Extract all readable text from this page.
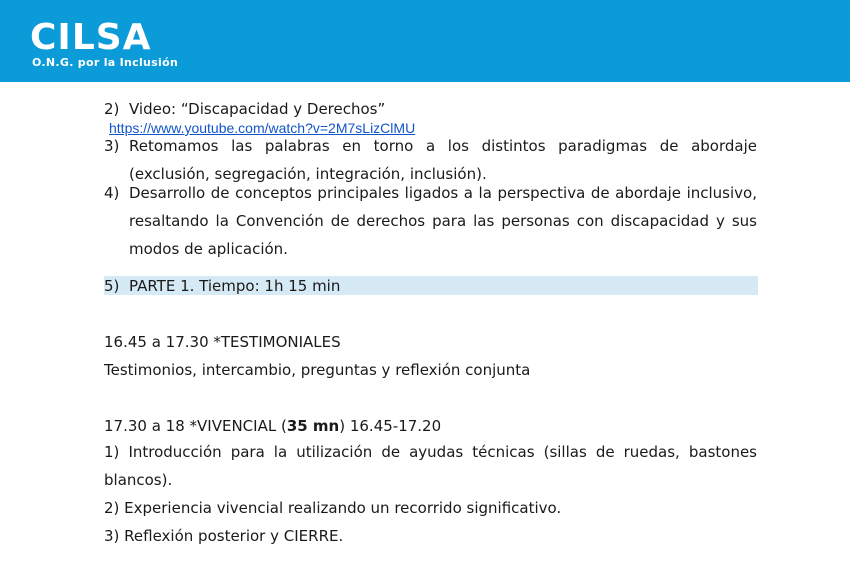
CILSA
O.N.G. por la Inclusión
2) Video: “Discapacidad y Derechos”
https://www.youtube.com/watch?v=2M7sLizClMU
3) Retomamos las palabras en torno a los distintos paradigmas de abordaje (exclusión, segregación, integración, inclusión).
4) Desarrollo de conceptos principales ligados a la perspectiva de abordaje inclusivo, resaltando la Convención de derechos para las personas con discapacidad y sus modos de aplicación.
5) PARTE 1. Tiempo: 1h 15 min
16.45 a 17.30 *TESTIMONIALES
Testimonios, intercambio, preguntas y reflexión conjunta
17.30 a 18 *VIVENCIAL (35 mn) 16.45-17.20
1) Introducción para la utilización de ayudas técnicas (sillas de ruedas, bastones blancos).
2) Experiencia vivencial realizando un recorrido significativo.
3) Reflexión posterior y CIERRE.
